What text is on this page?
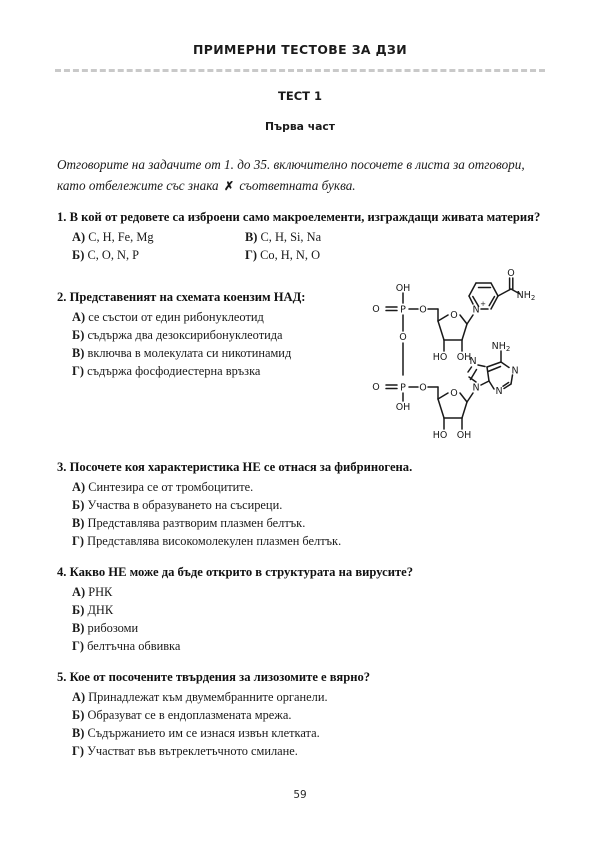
ПРИМЕРНИ ТЕСТОВЕ ЗА ДЗИ
ТЕСТ 1
Първа част
Отговорите на задачите от 1. до 35. включително посочете в листа за отговори, като отбележите със знака ✗ съответната буква.
1. В кой от редовете са изброени само макроелементи, изграждащи живата материя?
А) C, H, Fe, Mg	В) C, H, Si, Na
Б) C, O, N, P	Г) Co, H, N, O
2. Представеният на схемата коензим НАД:
А) се състои от един рибонуклеотид
Б) съдържа два дезоксирибонуклеотида
В) включва в молекулата си никотинамид
Г) съдържа фосфодиестерна връзка
O P
OH
O
O
O
HO OH
N
+
O
$NH_2$
O P
OH
O O
HO OH
N
N
N
N
$NH_2$
3. Посочете коя характеристика НЕ се отнася за фибриногена.
А) Синтезира се от тромбоцитите.
Б) Участва в образуването на съсиреци.
В) Представлява разтворим плазмен белтък.
Г) Представлява високомолекулен плазмен белтък.
4. Какво НЕ може да бъде открито в структурата на вирусите?
А) РНК
Б) ДНК
В) рибозоми
Г) белтъчна обвивка
5. Кое от посочените твърдения за лизозомите е вярно?
А) Принадлежат към двумембранните органели.
Б) Образуват се в ендоплазмената мрежа.
В) Съдържанието им се изнася извън клетката.
Г) Участват във вътреклетъчното смилане.
59
